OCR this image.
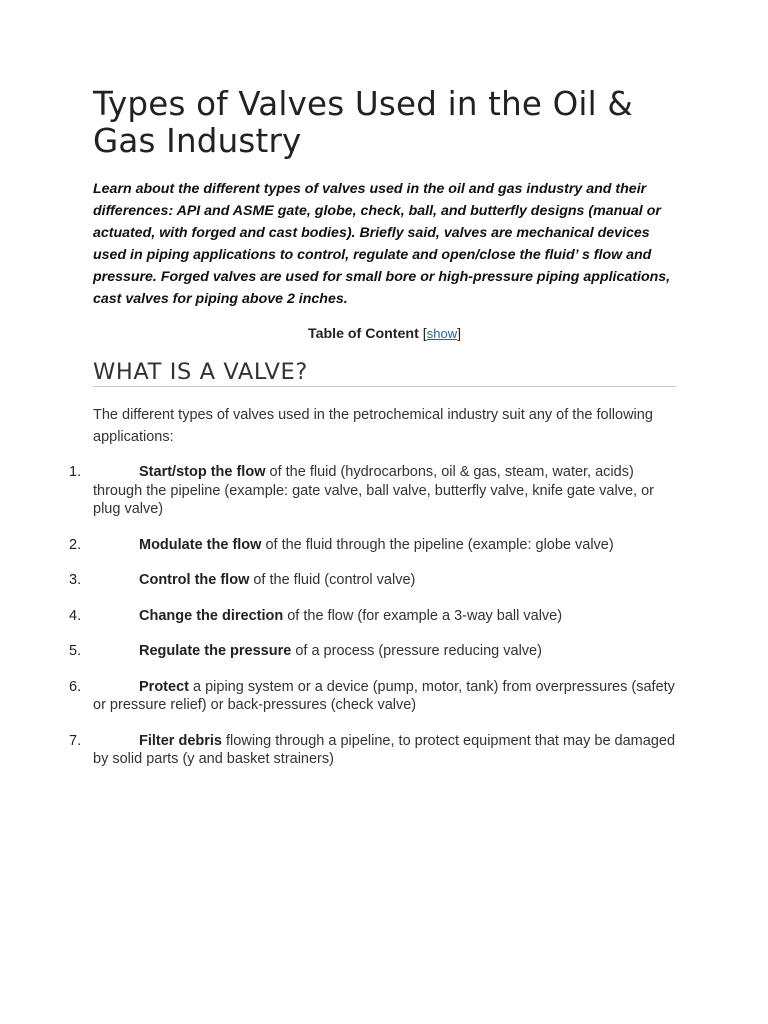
Types of Valves Used in the Oil & Gas Industry

Learn about the different types of valves used in the oil and gas industry and their differences: API and ASME gate, globe, check, ball, and butterfly designs (manual or actuated, with forged and cast bodies). Briefly said, valves are mechanical devices used in piping applications to control, regulate and open/close the fluid’ s flow and pressure. Forged valves are used for small bore or high-pressure piping applications, cast valves for piping above 2 inches.

Table of Content [show]
WHAT IS A VALVE?

The different types of valves used in the petrochemical industry suit any of the following applications:

1.	Start/stop the flow of the fluid (hydrocarbons, oil & gas, steam, water, acids) through the pipeline (example: gate valve, ball valve, butterfly valve, knife gate valve, or plug valve)
2.	Modulate the flow of the fluid through the pipeline (example: globe valve)
3.	Control the flow of the fluid (control valve)
4.	Change the direction of the flow (for example a 3-way ball valve)
5.	Regulate the pressure of a process (pressure reducing valve)
6.	Protect a piping system or a device (pump, motor, tank) from overpressures (safety or pressure relief) or back-pressures (check valve)
7.	Filter debris flowing through a pipeline, to protect equipment that may be damaged by solid parts (y and basket strainers)
